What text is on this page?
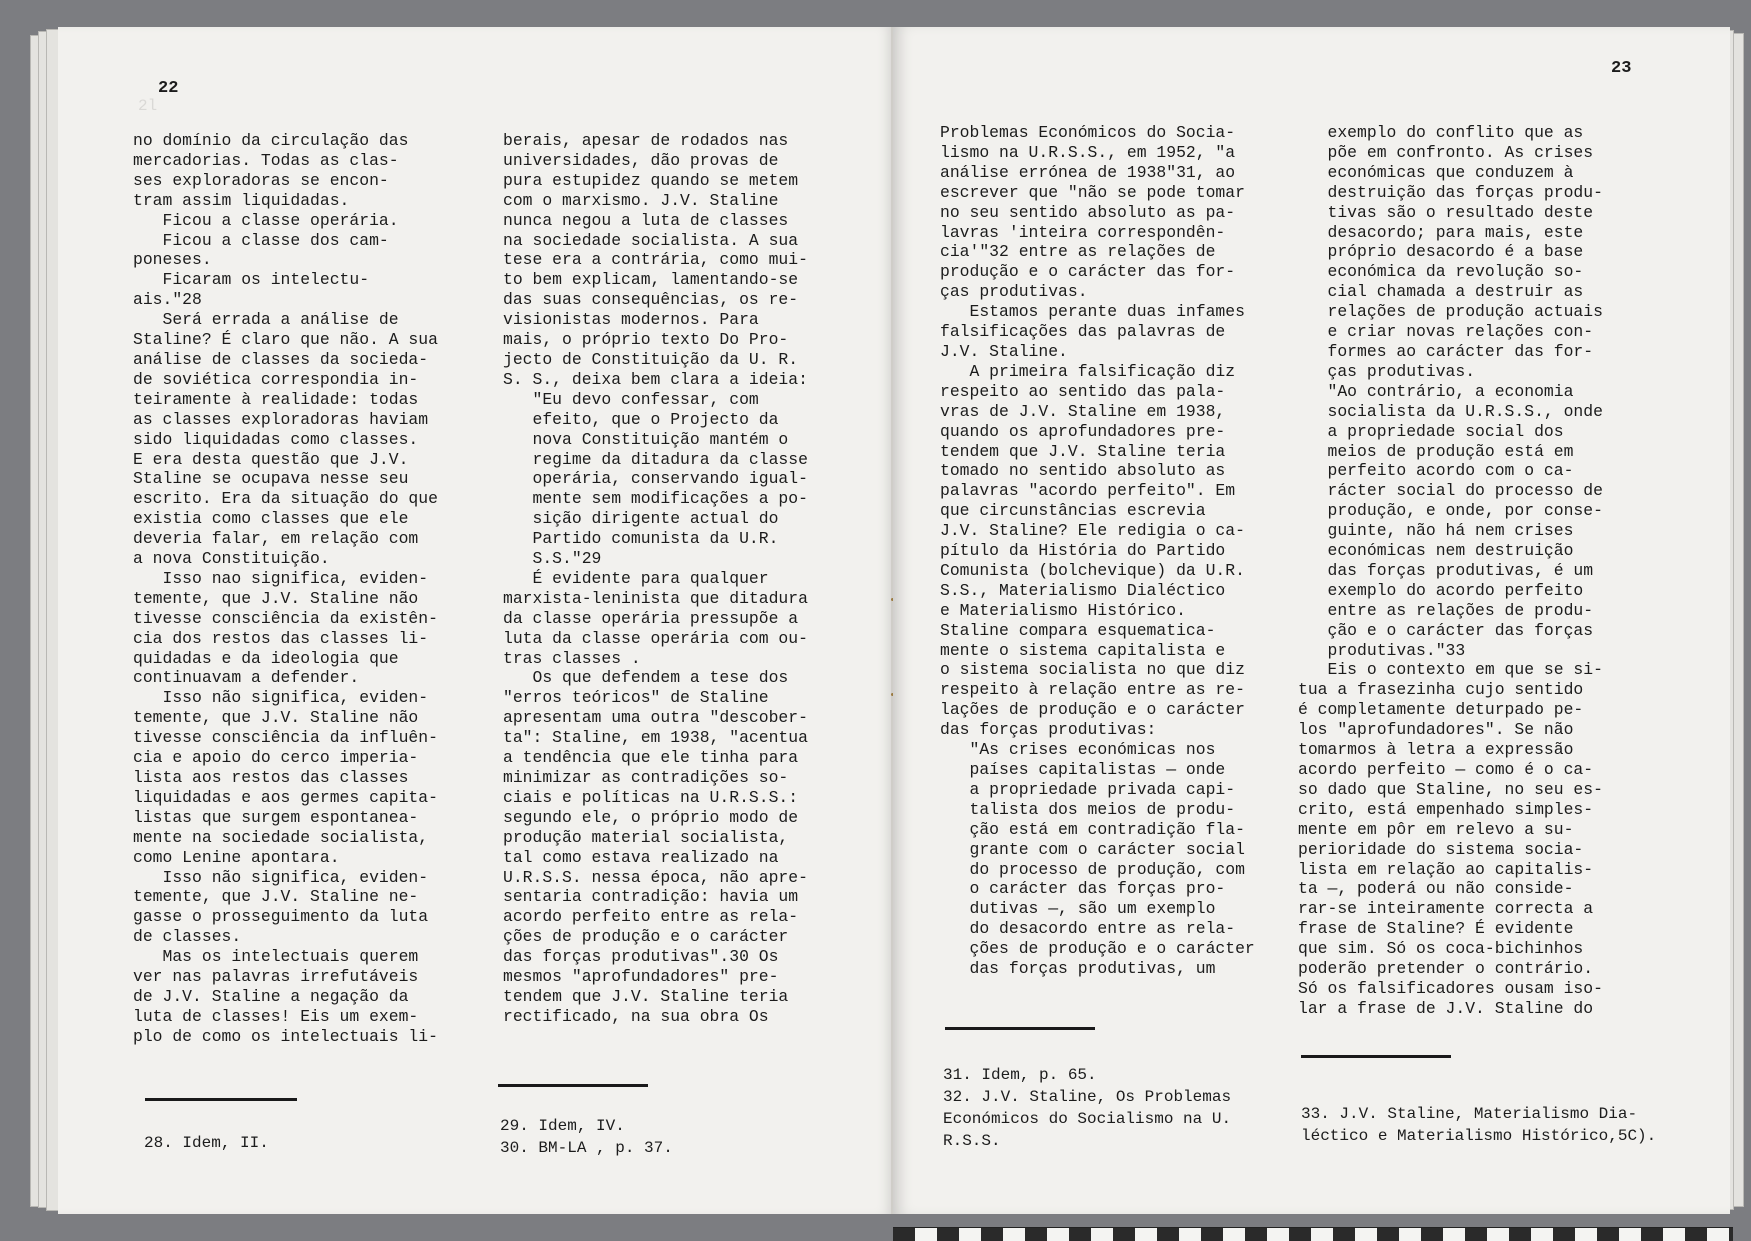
2l
22

no domínio da circulação das

mercadorias. Todas as clas-

ses exploradoras se encon-

tram assim liquidadas.

Ficou a classe operária.

Ficou a classe dos cam-

poneses.

Ficaram os intelectu-

ais."28

Será errada a análise de

Staline? É claro que não. A sua

análise de classes da socieda-

de soviética correspondia in-

teiramente à realidade: todas

as classes exploradoras haviam

sido liquidadas como classes.

E era desta questão que J.V.

Staline se ocupava nesse seu

escrito. Era da situação do que

existia como classes que ele

deveria falar, em relação com

a nova Constituição.

Isso nao significa, eviden-

temente, que J.V. Staline não

tivesse consciência da existên-

cia dos restos das classes li-

quidadas e da ideologia que

continuavam a defender.

Isso não significa, eviden-

temente, que J.V. Staline não

tivesse consciência da influên-

cia e apoio do cerco imperia-

lista aos restos das classes

liquidadas e aos germes capita-

listas que surgem espontanea-

mente na sociedade socialista,

como Lenine apontara.

Isso não significa, eviden-

temente, que J.V. Staline ne-

gasse o prosseguimento da luta

de classes.

Mas os intelectuais querem

ver nas palavras irrefutáveis

de J.V. Staline a negação da

luta de classes! Eis um exem-

plo de como os intelectuais li-

berais, apesar de rodados nas

universidades, dão provas de

pura estupidez quando se metem

com o marxismo. J.V. Staline

nunca negou a luta de classes

na sociedade socialista. A sua

tese era a contrária, como mui-

to bem explicam, lamentando-se

das suas consequências, os re-

visionistas modernos. Para

mais, o próprio texto Do Pro-

jecto de Constituição da U. R.

S. S., deixa bem clara a ideia:

"Eu devo confessar, com

efeito, que o Projecto da

nova Constituição mantém o

regime da ditadura da classe

operária, conservando igual-

mente sem modificações a po-

sição dirigente actual do

Partido comunista da U.R.

S.S."29

É evidente para qualquer

marxista-leninista que ditadura

da classe operária pressupõe a

luta da classe operária com ou-

tras classes .

Os que defendem a tese dos

"erros teóricos" de Staline

apresentam uma outra "descober-

ta": Staline, em 1938, "acentua

a tendência que ele tinha para

minimizar as contradições so-

ciais e políticas na U.R.S.S.:

segundo ele, o próprio modo de

produção material socialista,

tal como estava realizado na

U.R.S.S. nessa época, não apre-

sentaria contradição: havia um

acordo perfeito entre as rela-

ções de produção e o carácter

das forças produtivas".30 Os

mesmos "aprofundadores" pre-

tendem que J.V. Staline teria

rectificado, na sua obra Os

28. Idem, II.

29. Idem, IV.

30. BM-LA , p. 37.

23

Problemas Económicos do Socia-

lismo na U.R.S.S., em 1952, "a

análise errónea de 1938"31, ao

escrever que "não se pode tomar

no seu sentido absoluto as pa-

lavras 'inteira correspondên-

cia'"32 entre as relações de

produção e o carácter das for-

ças produtivas.

Estamos perante duas infames

falsificações das palavras de

J.V. Staline.

A primeira falsificação diz

respeito ao sentido das pala-

vras de J.V. Staline em 1938,

quando os aprofundadores pre-

tendem que J.V. Staline teria

tomado no sentido absoluto as

palavras "acordo perfeito". Em

que circunstâncias escrevia

J.V. Staline? Ele redigia o ca-

pítulo da História do Partido

Comunista (bolchevique) da U.R.

S.S., Materialismo Dialéctico

e Materialismo Histórico.

Staline compara esquematica-

mente o sistema capitalista e

o sistema socialista no que diz

respeito à relação entre as re-

lações de produção e o carácter

das forças produtivas:

"As crises económicas nos

países capitalistas — onde

a propriedade privada capi-

talista dos meios de produ-

ção está em contradição fla-

grante com o carácter social

do processo de produção, com

o carácter das forças pro-

dutivas —, são um exemplo

do desacordo entre as rela-

ções de produção e o carácter

das forças produtivas, um

exemplo do conflito que as

põe em confronto. As crises

económicas que conduzem à

destruição das forças produ-

tivas são o resultado deste

desacordo; para mais, este

próprio desacordo é a base

económica da revolução so-

cial chamada a destruir as

relações de produção actuais

e criar novas relações con-

formes ao carácter das for-

ças produtivas.

"Ao contrário, a economia

socialista da U.R.S.S., onde

a propriedade social dos

meios de produção está em

perfeito acordo com o ca-

rácter social do processo de

produção, e onde, por conse-

guinte, não há nem crises

económicas nem destruição

das forças produtivas, é um

exemplo do acordo perfeito

entre as relações de produ-

ção e o carácter das forças

produtivas."33

Eis o contexto em que se si-

tua a frasezinha cujo sentido

é completamente deturpado pe-

los "aprofundadores". Se não

tomarmos à letra a expressão

acordo perfeito — como é o ca-

so dado que Staline, no seu es-

crito, está empenhado simples-

mente em pôr em relevo a su-

perioridade do sistema socia-

lista em relação ao capitalis-

ta —, poderá ou não conside-

rar-se inteiramente correcta a

frase de Staline? É evidente

que sim. Só os coca-bichinhos

poderão pretender o contrário.

Só os falsificadores ousam iso-

lar a frase de J.V. Staline do

31. Idem, p. 65.

32. J.V. Staline, Os Problemas

Económicos do Socialismo na U.

R.S.S.

33. J.V. Staline, Materialismo Dia-

léctico e Materialismo Histórico,5C).
